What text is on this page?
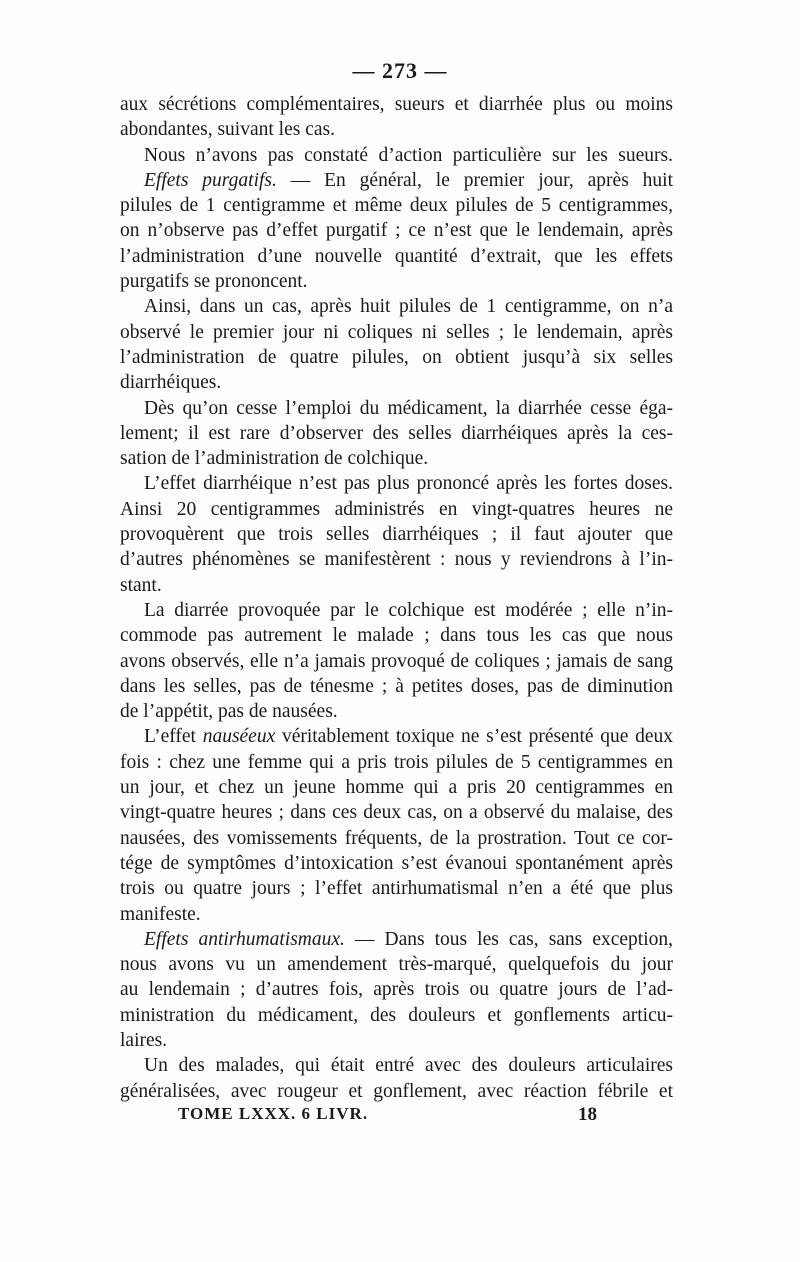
— 273 —
aux sécrétions complémentaires, sueurs et diarrhée plus ou moins
abondantes, suivant les cas.
Nous n’avons pas constaté d’action particulière sur les sueurs.
Effets purgatifs. — En général, le premier jour, après huit
pilules de 1 centigramme et même deux pilules de 5 centigrammes,
on n’observe pas d’effet purgatif ; ce n’est que le lendemain, après
l’administration d’une nouvelle quantité d’extrait, que les effets
purgatifs se prononcent.
Ainsi, dans un cas, après huit pilules de 1 centigramme, on n’a
observé le premier jour ni coliques ni selles ; le lendemain, après
l’administration de quatre pilules, on obtient jusqu’à six selles
diarrhéiques.
Dès qu’on cesse l’emploi du médicament, la diarrhée cesse éga-
lement; il est rare d’observer des selles diarrhéiques après la ces-
sation de l’administration de colchique.
L’effet diarrhéique n’est pas plus prononcé après les fortes doses.
Ainsi 20 centigrammes administrés en vingt-quatres heures ne
provoquèrent que trois selles diarrhéiques ; il faut ajouter que
d’autres phénomènes se manifestèrent : nous y reviendrons à l’in-
stant.
La diarrée provoquée par le colchique est modérée ; elle n’in-
commode pas autrement le malade ; dans tous les cas que nous
avons observés, elle n’a jamais provoqué de coliques ; jamais de sang
dans les selles, pas de ténesme ; à petites doses, pas de diminution
de l’appétit, pas de nausées.
L’effet nauséeux véritablement toxique ne s’est présenté que deux
fois : chez une femme qui a pris trois pilules de 5 centigrammes en
un jour, et chez un jeune homme qui a pris 20 centigrammes en
vingt-quatre heures ; dans ces deux cas, on a observé du malaise, des
nausées, des vomissements fréquents, de la prostration. Tout ce cor-
tége de symptômes d’intoxication s’est évanoui spontanément après
trois ou quatre jours ; l’effet antirhumatismal n’en a été que plus
manifeste.
Effets antirhumatismaux. — Dans tous les cas, sans exception,
nous avons vu un amendement très-marqué, quelquefois du jour
au lendemain ; d’autres fois, après trois ou quatre jours de l’ad-
ministration du médicament, des douleurs et gonflements articu-
laires.
Un des malades, qui était entré avec des douleurs articulaires
généralisées, avec rougeur et gonflement, avec réaction fébrile et
TOME LXXX. 6 LIVR.	18
